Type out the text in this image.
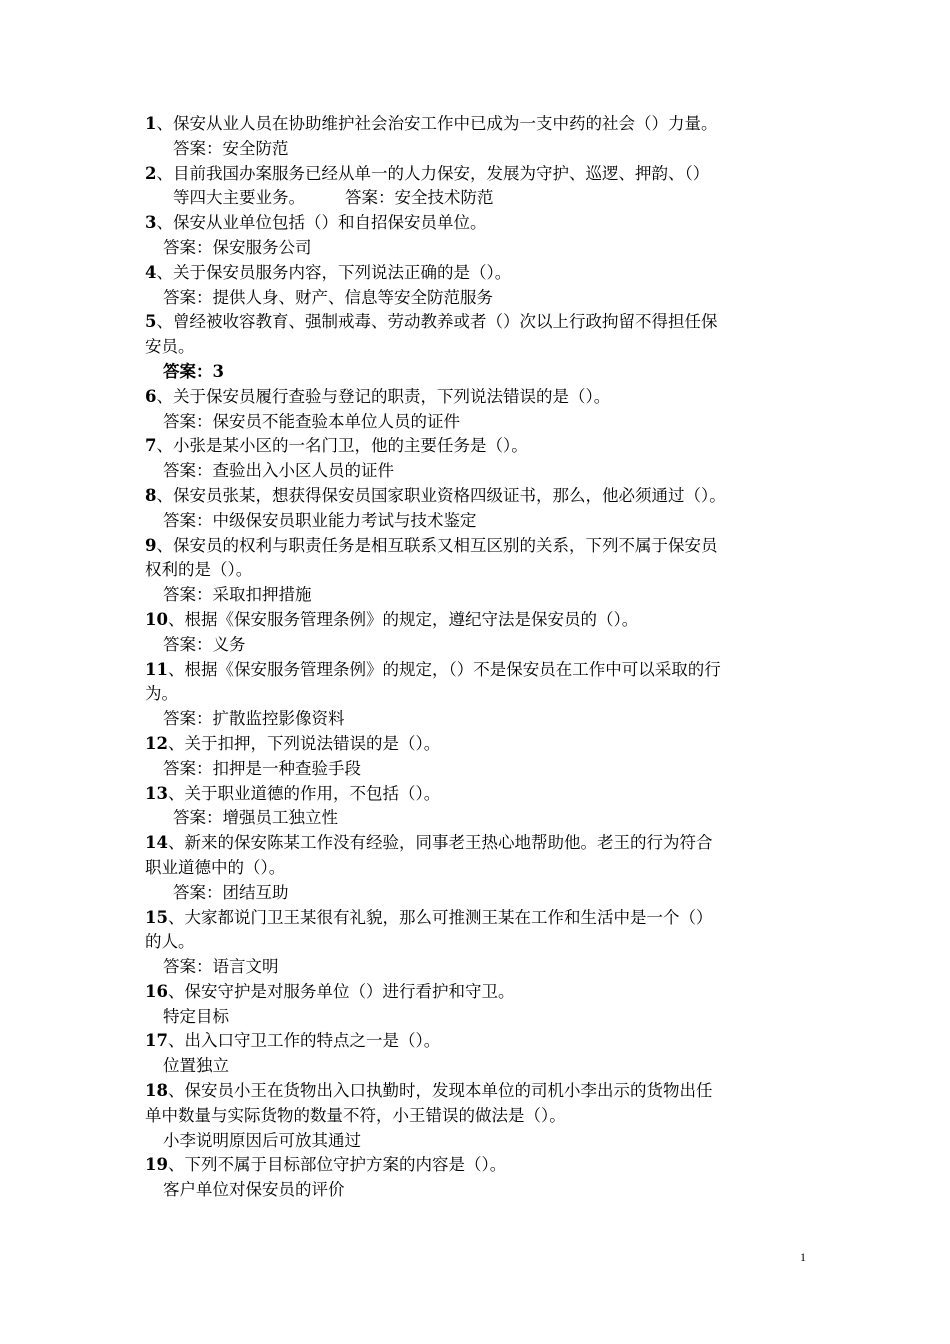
1、保安从业人员在协助维护社会治安工作中已成为一支中药的社会（）力量。
答案：安全防范
2、目前我国办案服务已经从单一的人力保安，发展为守护、巡逻、押韵、（）
等四大主要业务。 答案：安全技术防范
3、保安从业单位包括（）和自招保安员单位。
答案：保安服务公司
4、关于保安员服务内容，下列说法正确的是（）。
答案：提供人身、财产、信息等安全防范服务
5、曾经被收容教育、强制戒毒、劳动教养或者（）次以上行政拘留不得担任保
安员。
答案：3
6、关于保安员履行查验与登记的职责，下列说法错误的是（）。
答案：保安员不能查验本单位人员的证件
7、小张是某小区的一名门卫，他的主要任务是（）。
答案：查验出入小区人员的证件
8、保安员张某，想获得保安员国家职业资格四级证书，那么，他必须通过（）。
答案：中级保安员职业能力考试与技术鉴定
9、保安员的权利与职责任务是相互联系又相互区别的关系，下列不属于保安员
权利的是（）。
答案：采取扣押措施
10、根据《保安服务管理条例》的规定，遵纪守法是保安员的（）。
答案：义务
11、根据《保安服务管理条例》的规定，（）不是保安员在工作中可以采取的行
为。
答案：扩散监控影像资料
12、关于扣押，下列说法错误的是（）。
答案：扣押是一种查验手段
13、关于职业道德的作用，不包括（）。
答案：增强员工独立性
14、新来的保安陈某工作没有经验，同事老王热心地帮助他。老王的行为符合
职业道德中的（）。
答案：团结互助
15、大家都说门卫王某很有礼貌，那么可推测王某在工作和生活中是一个（）
的人。
答案：语言文明
16、保安守护是对服务单位（）进行看护和守卫。
特定目标
17、出入口守卫工作的特点之一是（）。
位置独立
18、保安员小王在货物出入口执勤时，发现本单位的司机小李出示的货物出任
单中数量与实际货物的数量不符，小王错误的做法是（）。
小李说明原因后可放其通过
19、下列不属于目标部位守护方案的内容是（）。
客户单位对保安员的评价
1
